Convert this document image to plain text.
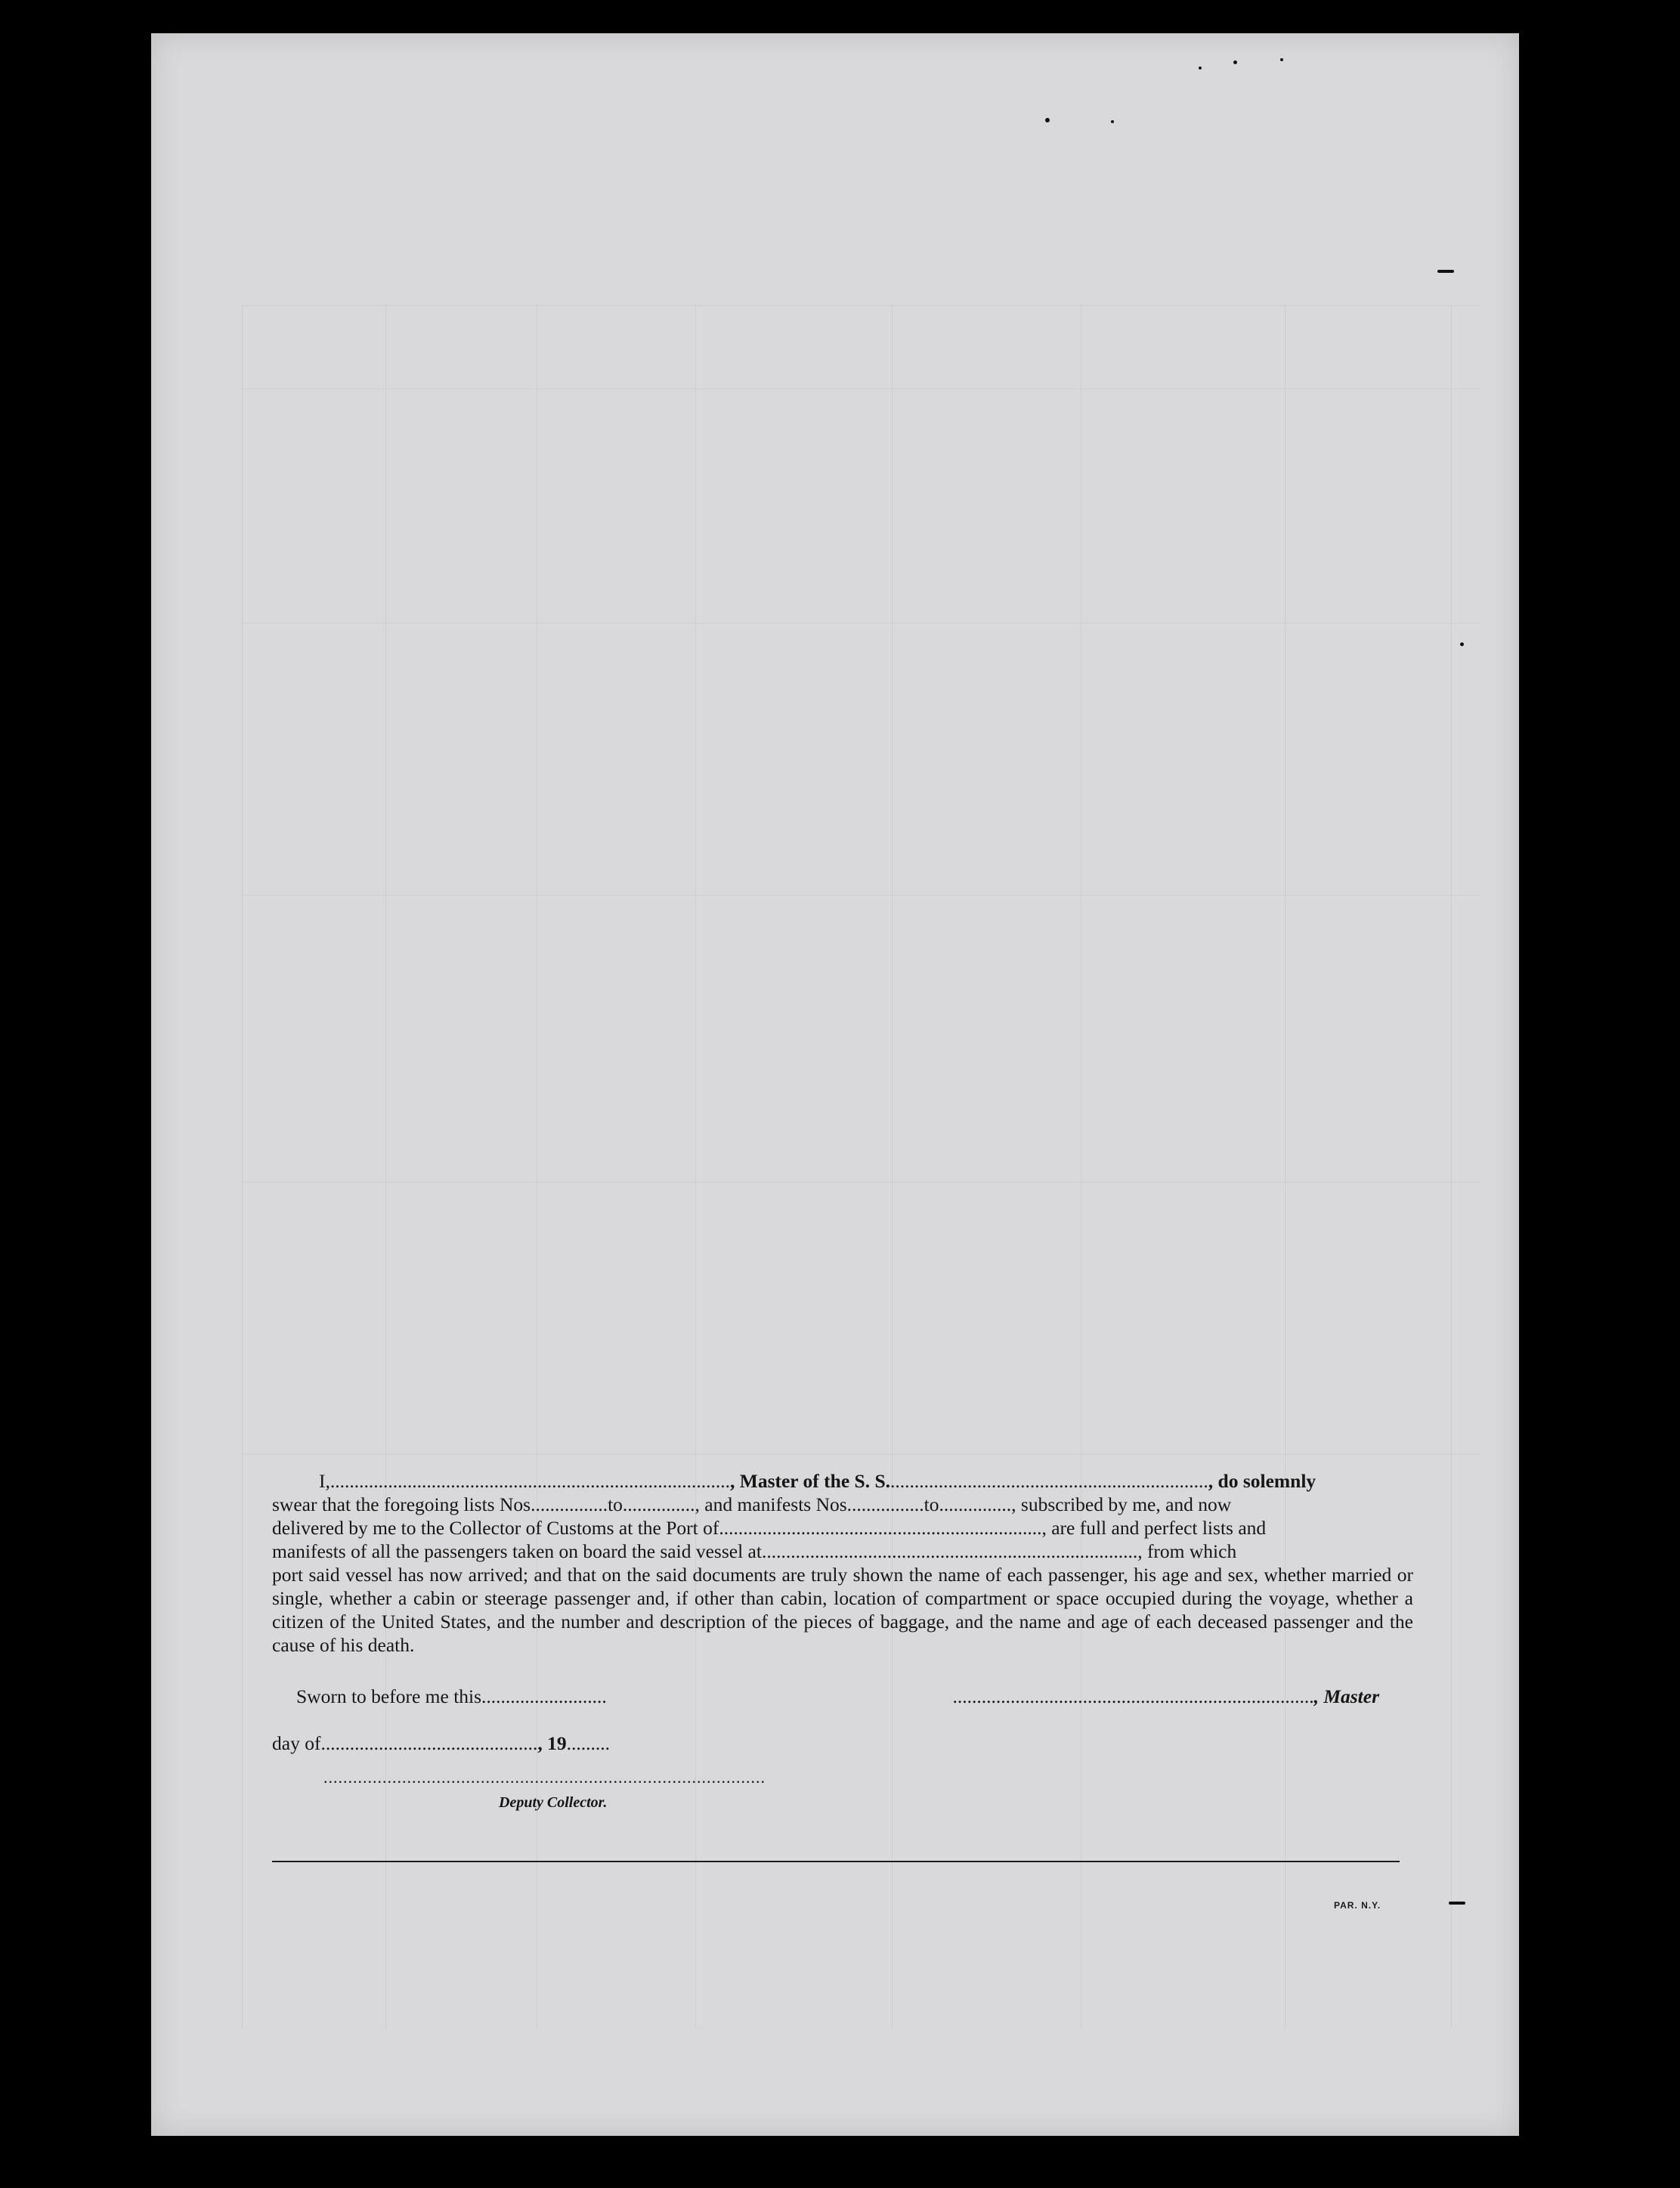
I,..................................................................................., Master of the S. S..................................................................., do solemnly

swear that the foregoing lists Nos................to..............., and manifests Nos................to..............., subscribed by me, and now
delivered by me to the Collector of Customs at the Port of..................................................................., are full and perfect lists and
manifests of all the passengers taken on board the said vessel at.............................................................................., from which
port said vessel has now arrived; and that on the said documents are truly shown the name of each passenger, his age and sex, whether married or single, whether a cabin or steerage passenger and, if other than cabin, location of compartment or space occupied during the voyage, whether a citizen of the United States, and the number and description of the pieces of baggage, and the name and age of each deceased passenger and the cause of his death.
Sworn to before me this..........................	..........................................................................., Master
day of............................................., 19.........
..........................................................................................
Deputy Collector.
PAR. N.Y.
